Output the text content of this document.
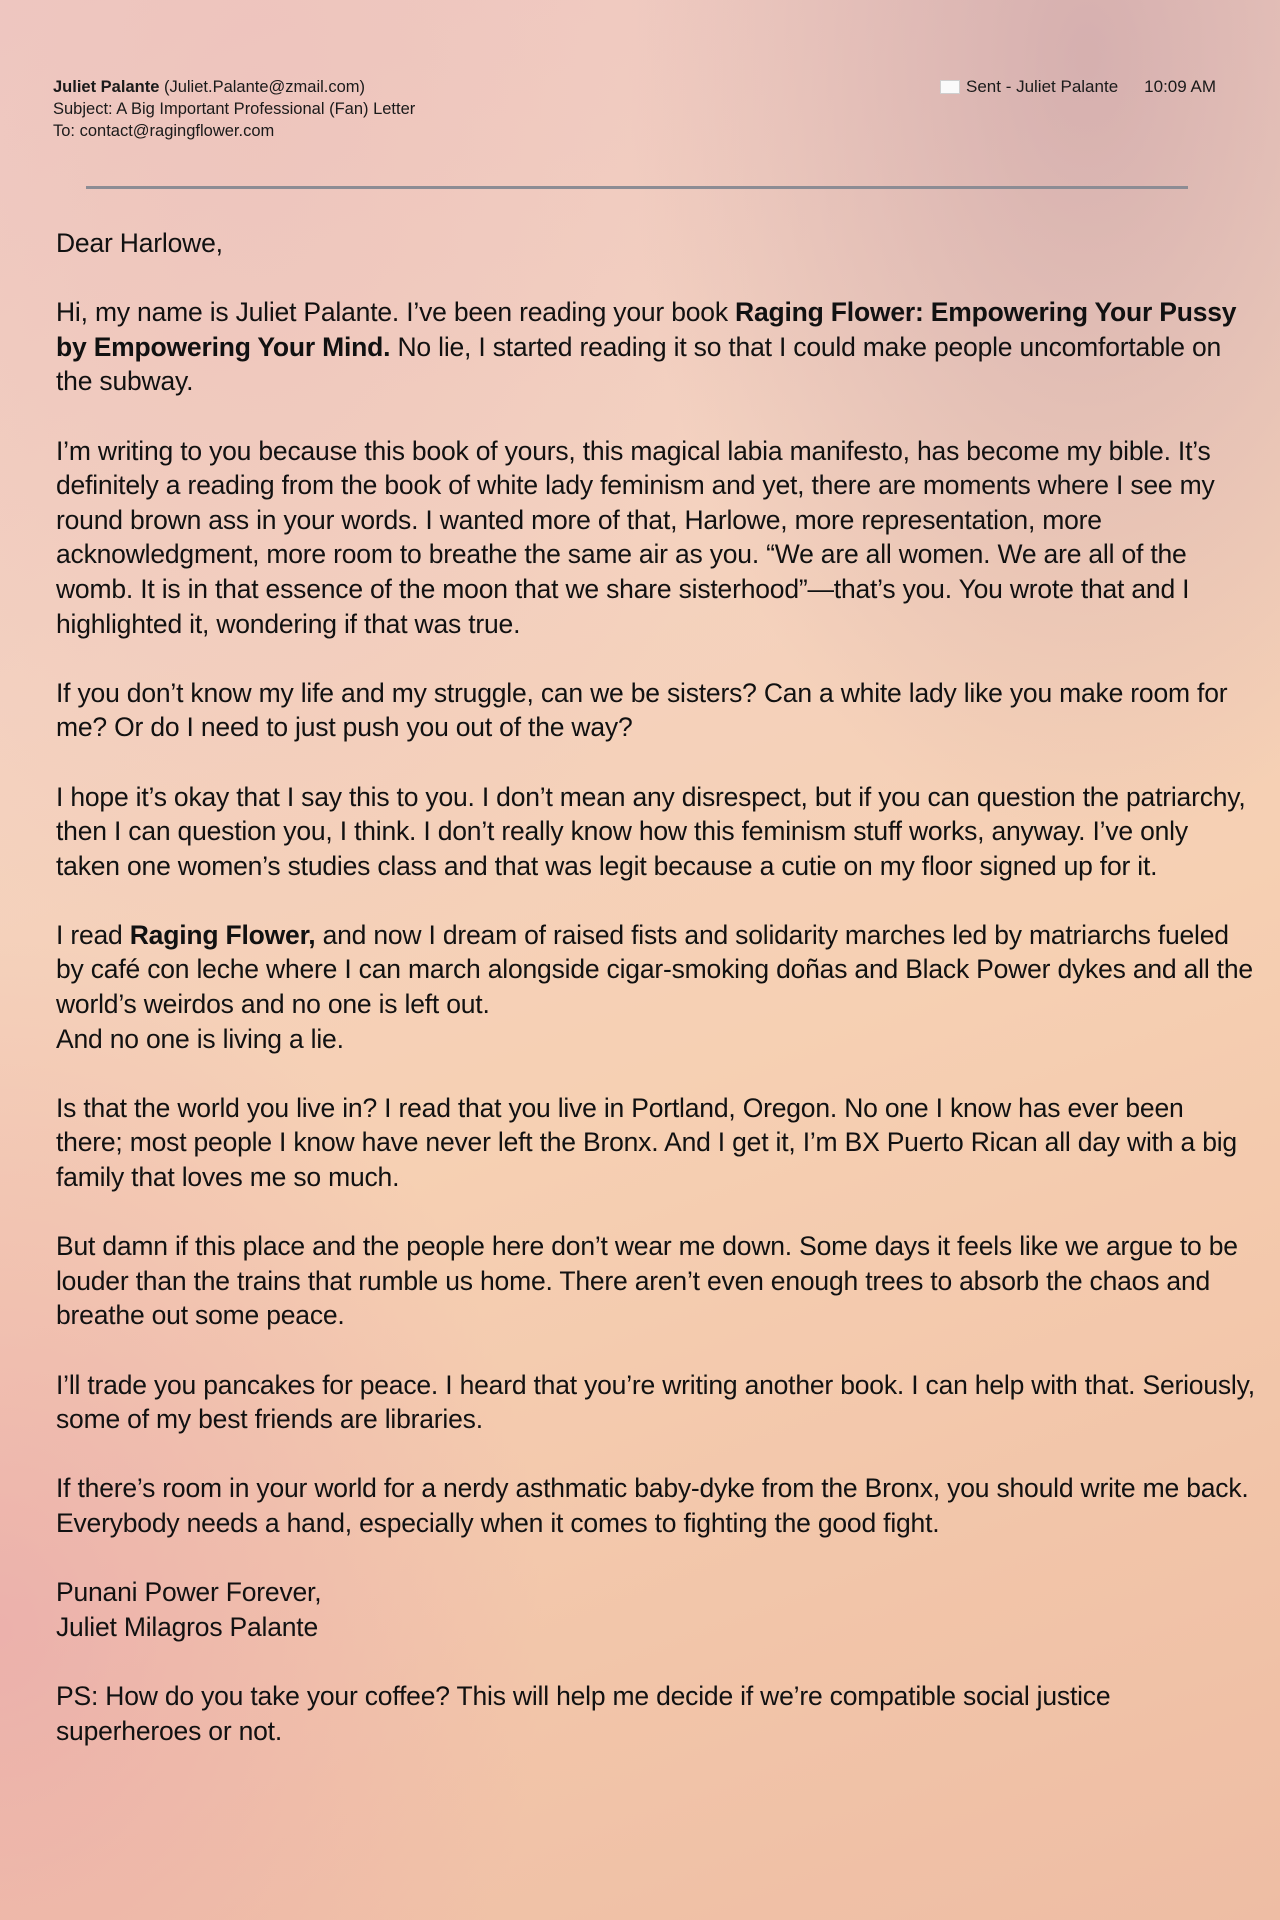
Juliet Palante (Juliet.Palante@zmail.com)
Subject: A Big Important Professional (Fan) Letter
To: contact@ragingflower.com
Sent - Juliet Palante 10:09 AM

Dear Harlowe,

Hi, my name is Juliet Palante. I’ve been reading your book Raging Flower: Empowering Your Pussy by Empowering Your Mind. No lie, I started reading it so that I could make people uncomfortable on the subway.

I’m writing to you because this book of yours, this magical labia manifesto, has become my bible. It’s definitely a reading from the book of white lady feminism and yet, there are moments where I see my round brown ass in your words. I wanted more of that, Harlowe, more representation, more acknowledgment, more room to breathe the same air as you. “We are all women. We are all of the womb. It is in that essence of the moon that we share sisterhood”—that’s you. You wrote that and I highlighted it, wondering if that was true.

If you don’t know my life and my struggle, can we be sisters? Can a white lady like you make room for me? Or do I need to just push you out of the way?

I hope it’s okay that I say this to you. I don’t mean any disrespect, but if you can question the patriarchy, then I can question you, I think. I don’t really know how this feminism stuff works, anyway. I’ve only taken one women’s studies class and that was legit because a cutie on my floor signed up for it.

I read Raging Flower, and now I dream of raised fists and solidarity marches led by matriarchs fueled by café con leche where I can march alongside cigar-smoking doñas and Black Power dykes and all the world’s weirdos and no one is left out.
And no one is living a lie.

Is that the world you live in? I read that you live in Portland, Oregon. No one I know has ever been there; most people I know have never left the Bronx. And I get it, I’m BX Puerto Rican all day with a big family that loves me so much.

But damn if this place and the people here don’t wear me down. Some days it feels like we argue to be louder than the trains that rumble us home. There aren’t even enough trees to absorb the chaos and breathe out some peace.

I’ll trade you pancakes for peace. I heard that you’re writing another book. I can help with that. Seriously, some of my best friends are libraries.

If there’s room in your world for a nerdy asthmatic baby-dyke from the Bronx, you should write me back. Everybody needs a hand, especially when it comes to fighting the good fight.

Punani Power Forever,
Juliet Milagros Palante

PS: How do you take your coffee? This will help me decide if we’re compatible social justice superheroes or not.
